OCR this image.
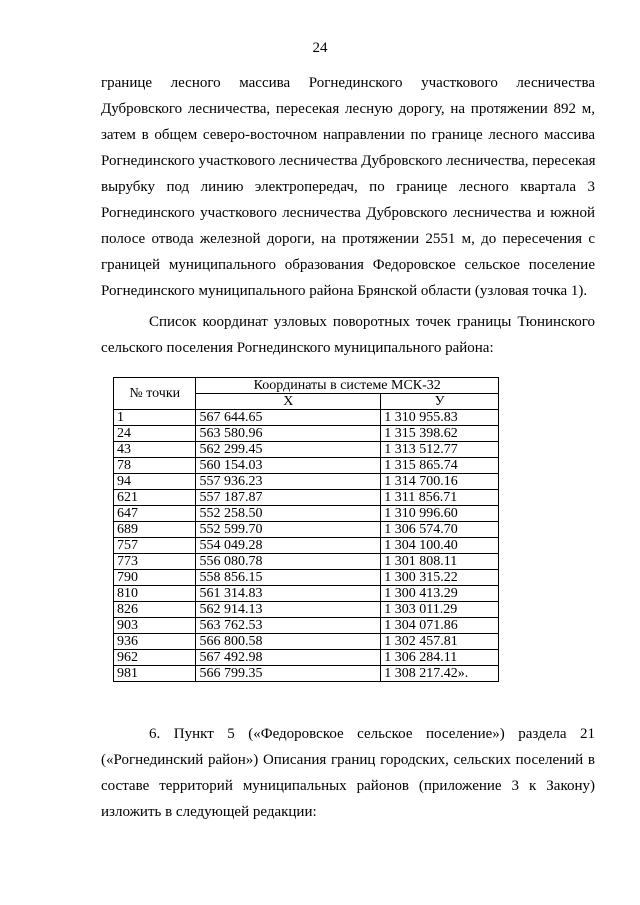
24
границе лесного массива Рогнединского участкового лесничества
Дубровского лесничества, пересекая лесную дорогу, на протяжении 892 м,
затем в общем северо-восточном направлении по границе лесного массива
Рогнединского участкового лесничества Дубровского лесничества, пересекая
вырубку под линию электропередач, по границе лесного квартала 3
Рогнединского участкового лесничества Дубровского лесничества и южной
полосе отвода железной дороги, на протяжении 2551 м, до пересечения с
границей муниципального образования Федоровское сельское поселение
Рогнединского муниципального района Брянской области (узловая точка 1).
Список координат узловых поворотных точек границы Тюнинского
сельского поселения Рогнединского муниципального района:
№ точки	Координаты в системе МСК-32	
	X	У
1	567 644.65	1 310 955.83
24	563 580.96	1 315 398.62
43	562 299.45	1 313 512.77
78	560 154.03	1 315 865.74
94	557 936.23	1 314 700.16
621	557 187.87	1 311 856.71
647	552 258.50	1 310 996.60
689	552 599.70	1 306 574.70
757	554 049.28	1 304 100.40
773	556 080.78	1 301 808.11
790	558 856.15	1 300 315.22
810	561 314.83	1 300 413.29
826	562 914.13	1 303 011.29
903	563 762.53	1 304 071.86
936	566 800.58	1 302 457.81
962	567 492.98	1 306 284.11
981	566 799.35	1 308 217.42».
6. Пункт 5 («Федоровское сельское поселение») раздела 21
(«Рогнединский район») Описания границ городских, сельских поселений в
составе территорий муниципальных районов (приложение 3 к Закону)
изложить в следующей редакции:
